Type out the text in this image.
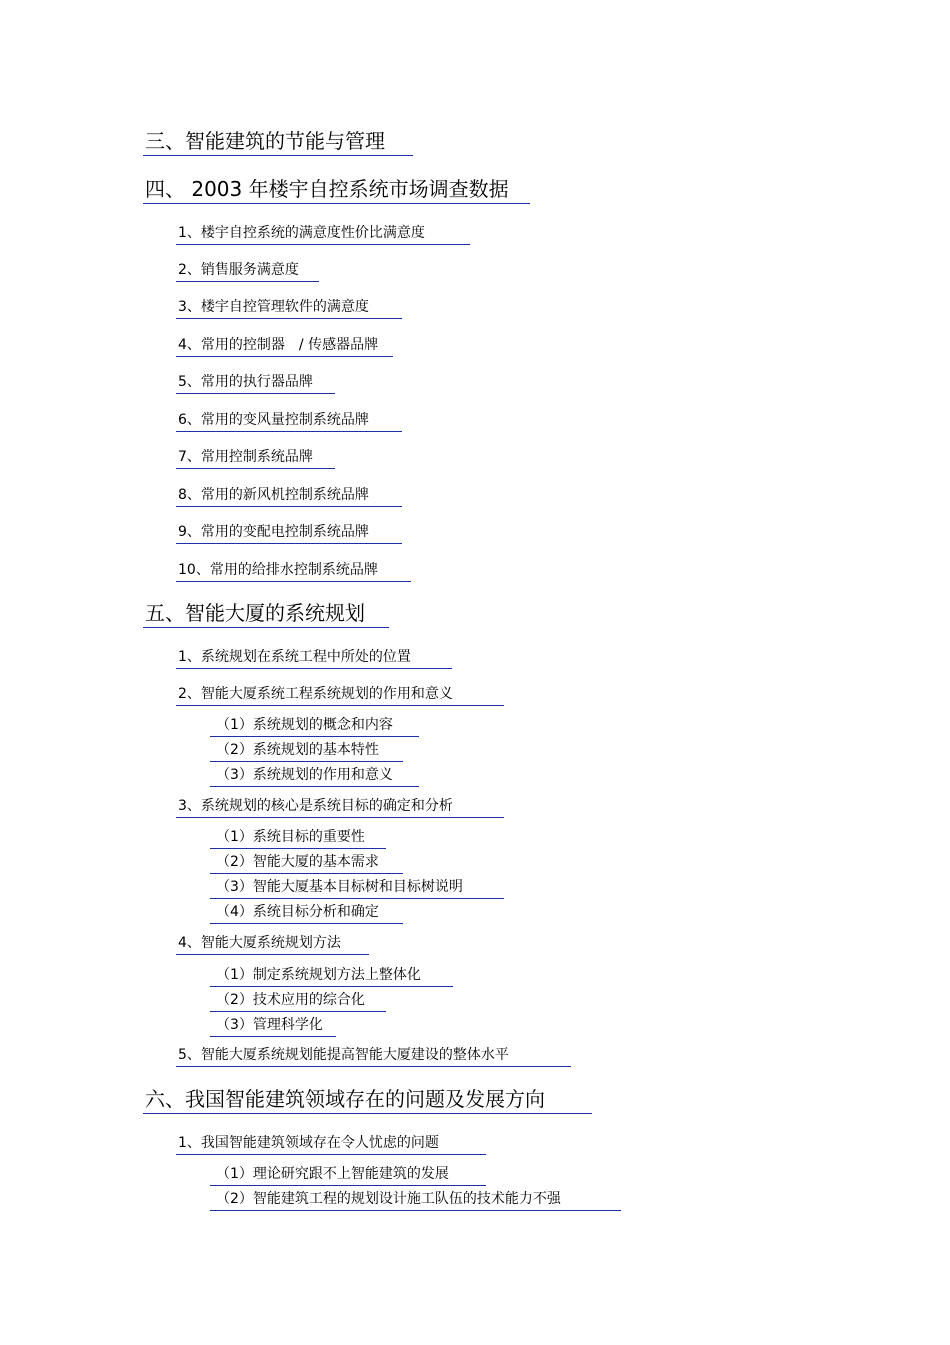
三、智能建筑的节能与管理
四、 2003 年楼宇自控系统市场调查数据
1、楼宇自控系统的满意度性价比满意度
2、销售服务满意度
3、楼宇自控管理软件的满意度
4、常用的控制器　/ 传感器品牌
5、常用的执行器品牌
6、常用的变风量控制系统品牌
7、常用控制系统品牌
8、常用的新风机控制系统品牌
9、常用的变配电控制系统品牌
10、常用的给排水控制系统品牌
五、智能大厦的系统规划
1、系统规划在系统工程中所处的位置
2、智能大厦系统工程系统规划的作用和意义
（1）系统规划的概念和内容
（2）系统规划的基本特性
（3）系统规划的作用和意义
3、系统规划的核心是系统目标的确定和分析
（1）系统目标的重要性
（2）智能大厦的基本需求
（3）智能大厦基本目标树和目标树说明
（4）系统目标分析和确定
4、智能大厦系统规划方法
（1）制定系统规划方法上整体化
（2）技术应用的综合化
（3）管理科学化
5、智能大厦系统规划能提高智能大厦建设的整体水平
六、我国智能建筑领域存在的问题及发展方向
1、我国智能建筑领域存在令人忧虑的问题
（1）理论研究跟不上智能建筑的发展
（2）智能建筑工程的规划设计施工队伍的技术能力不强
